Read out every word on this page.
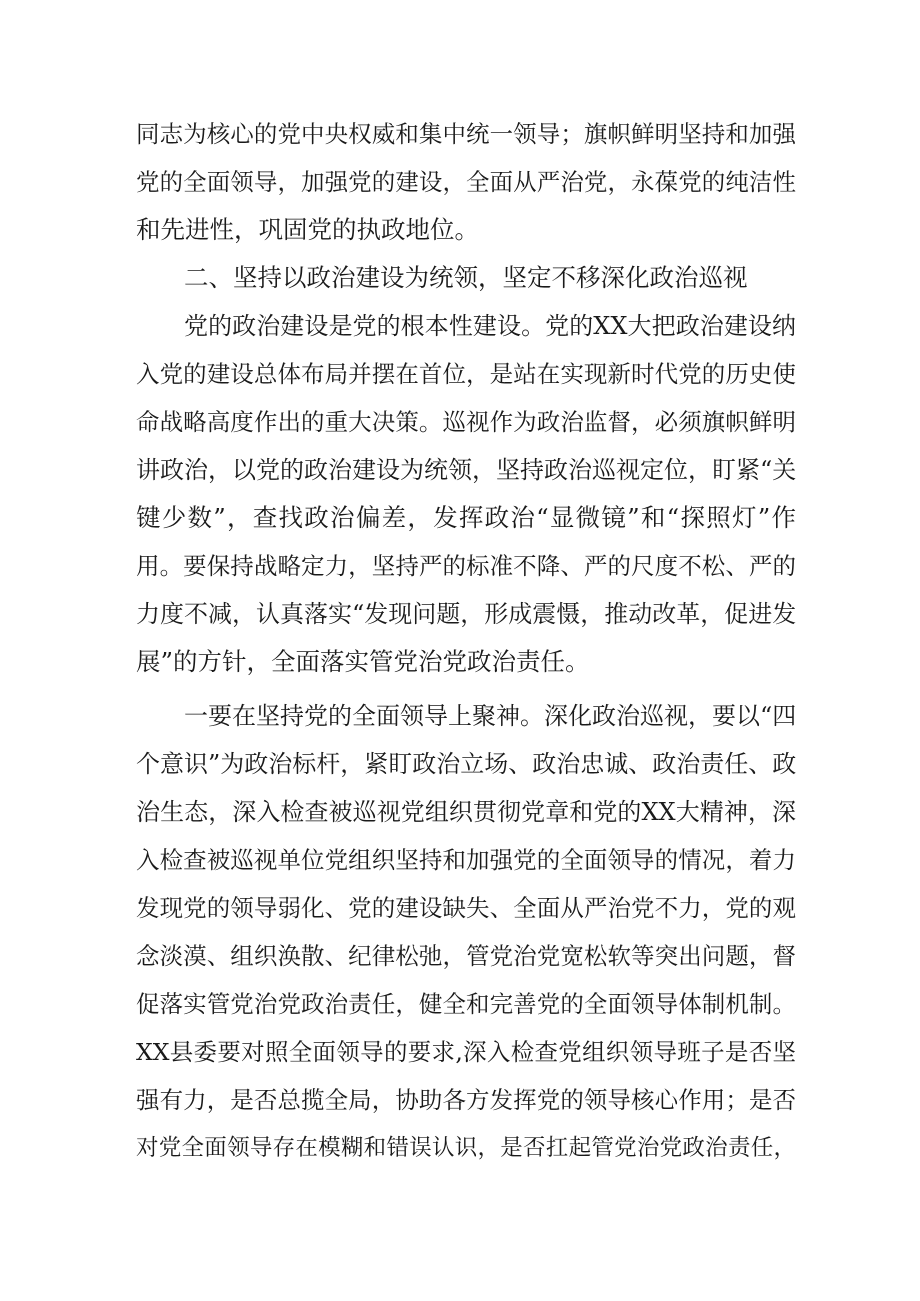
同志为核心的党中央权威和集中统一领导；旗帜鲜明坚持和加强

党的全面领导，加强党的建设，全面从严治党，永葆党的纯洁性

和先进性，巩固党的执政地位。

二、坚持以政治建设为统领，坚定不移深化政治巡视

党的政治建设是党的根本性建设。党的XX大把政治建设纳

入党的建设总体布局并摆在首位，是站在实现新时代党的历史使

命战略高度作出的重大决策。巡视作为政治监督，必须旗帜鲜明

讲政治，以党的政治建设为统领，坚持政治巡视定位，盯紧“关

键少数”，查找政治偏差，发挥政治“显微镜”和“探照灯”作

用。要保持战略定力，坚持严的标准不降、严的尺度不松、严的

力度不减，认真落实“发现问题，形成震慑，推动改革，促进发

展”的方针，全面落实管党治党政治责任。

一要在坚持党的全面领导上聚神。深化政治巡视，要以“四

个意识”为政治标杆，紧盯政治立场、政治忠诚、政治责任、政

治生态，深入检查被巡视党组织贯彻党章和党的XX大精神，深

入检查被巡视单位党组织坚持和加强党的全面领导的情况，着力

发现党的领导弱化、党的建设缺失、全面从严治党不力，党的观

念淡漠、组织涣散、纪律松弛，管党治党宽松软等突出问题，督

促落实管党治党政治责任，健全和完善党的全面领导体制机制。

XX县委要对照全面领导的要求,深入检查党组织领导班子是否坚

强有力，是否总揽全局，协助各方发挥党的领导核心作用；是否

对党全面领导存在模糊和错误认识，是否扛起管党治党政治责任，
